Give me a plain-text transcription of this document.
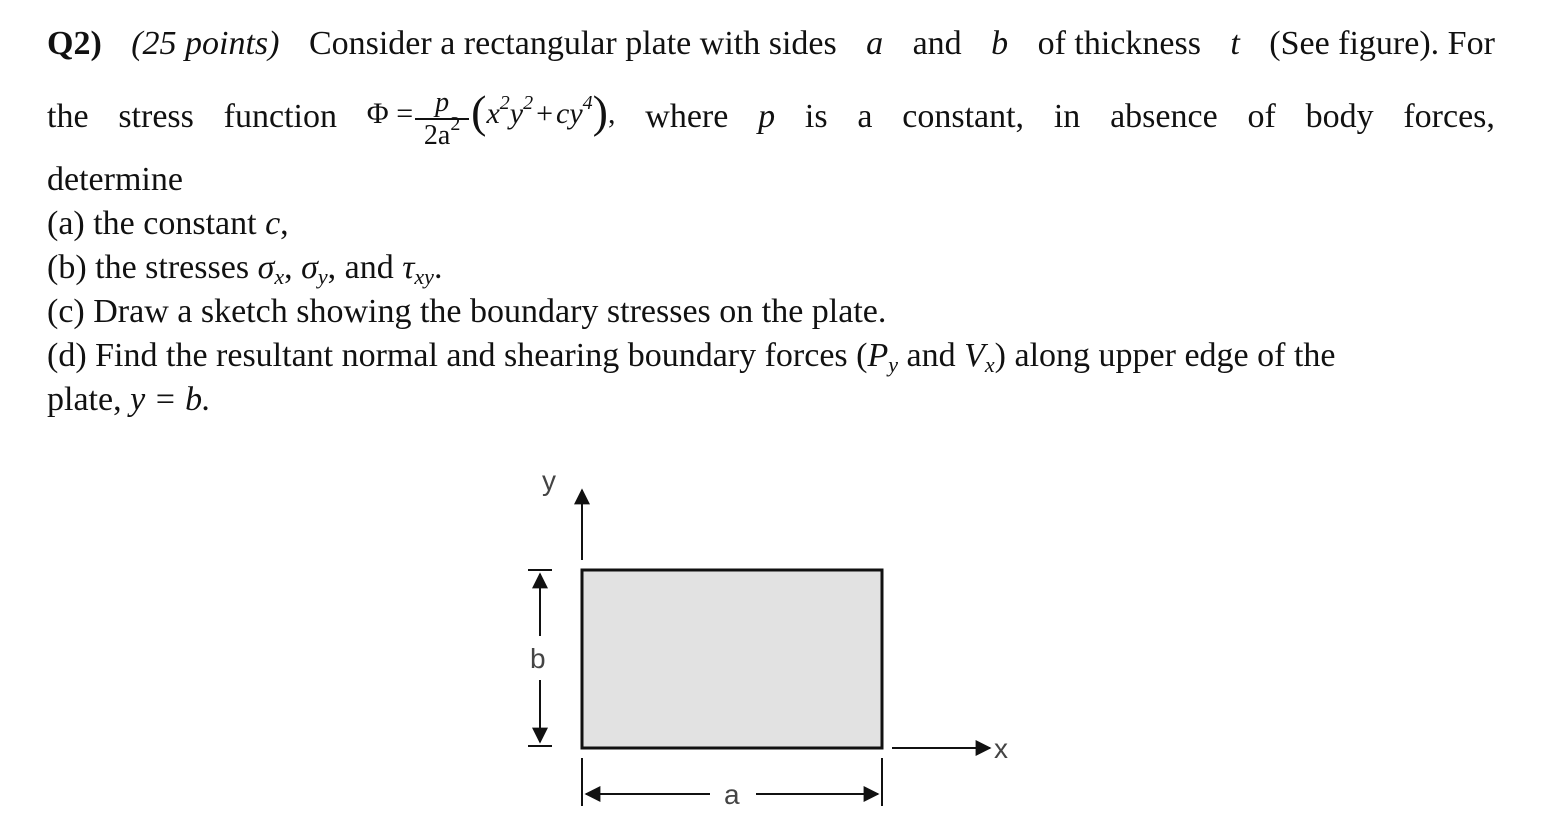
Q2) (25 points) Consider a rectangular plate with sides a and b of thickness t (See figure). For
the stress function $\Phi = \frac{p}{2a^2}$ ( $x^2y^2 + cy^4$ ) , where p is a constant, in absence of body forces,
determine
(a) the constant c,
(b) the stresses $\sigma_x$, $\sigma_y$, and $\tau_{xy}$.
(c) Draw a sketch showing the boundary stresses on the plate.
(d) Find the resultant normal and shearing boundary forces ($P_y$ and $V_x$) along upper edge of the
plate, y = b.
y
x
b
a
